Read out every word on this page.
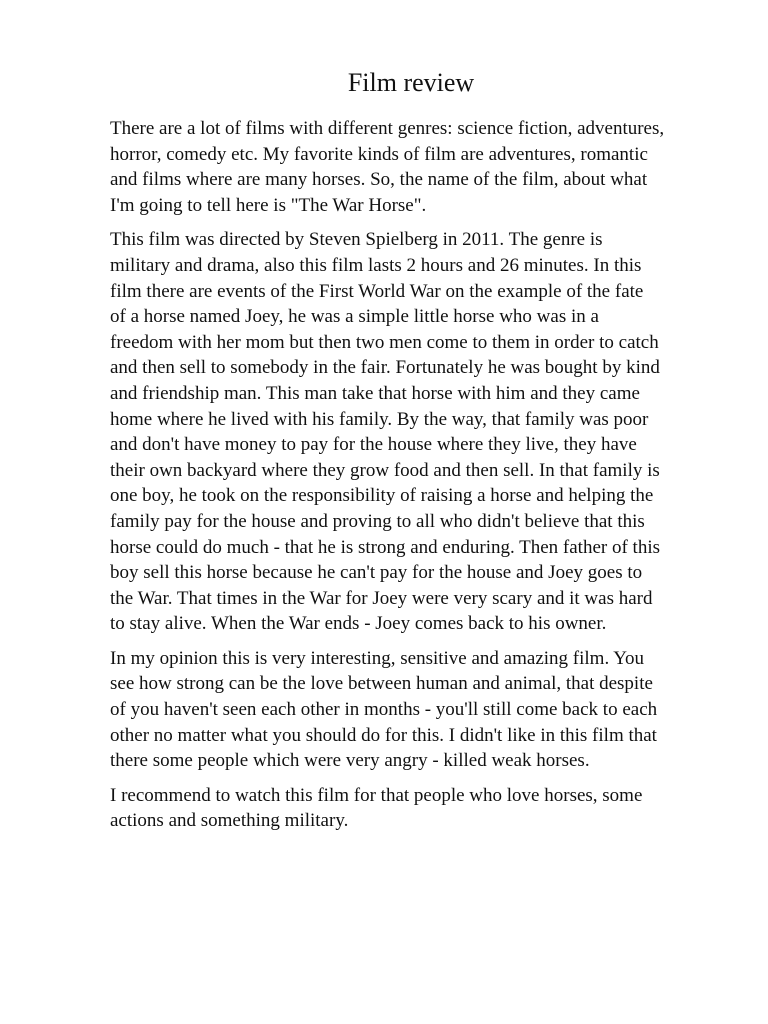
Film review

There are a lot of films with different genres: science fiction, adventures,
horror, comedy etc. My favorite kinds of film are adventures, romantic
and films where are many horses. So, the name of the film, about what
I'm going to tell here is "The War Horse".

This film was directed by Steven Spielberg in 2011. The genre is
military and drama, also this film lasts 2 hours and 26 minutes. In this
film there are events of the First World War on the example of the fate
of a horse named Joey, he was a simple little horse who was in a
freedom with her mom but then two men come to them in order to catch
and then sell to somebody in the fair. Fortunately he was bought by kind
and friendship man. This man take that horse with him and they came
home where he lived with his family. By the way, that family was poor
and don't have money to pay for the house where they live, they have
their own backyard where they grow food and then sell. In that family is
one boy, he took on the responsibility of raising a horse and helping the
family pay for the house and proving to all who didn't believe that this
horse could do much - that he is strong and enduring. Then father of this
boy sell this horse because he can't pay for the house and Joey goes to
the War. That times in the War for Joey were very scary and it was hard
to stay alive. When the War ends - Joey comes back to his owner.

In my opinion this is very interesting, sensitive and amazing film. You
see how strong can be the love between human and animal, that despite
of you haven't seen each other in months - you'll still come back to each
other no matter what you should do for this. I didn't like in this film that
there some people which were very angry - killed weak horses.

I recommend to watch this film for that people who love horses, some
actions and something military.
